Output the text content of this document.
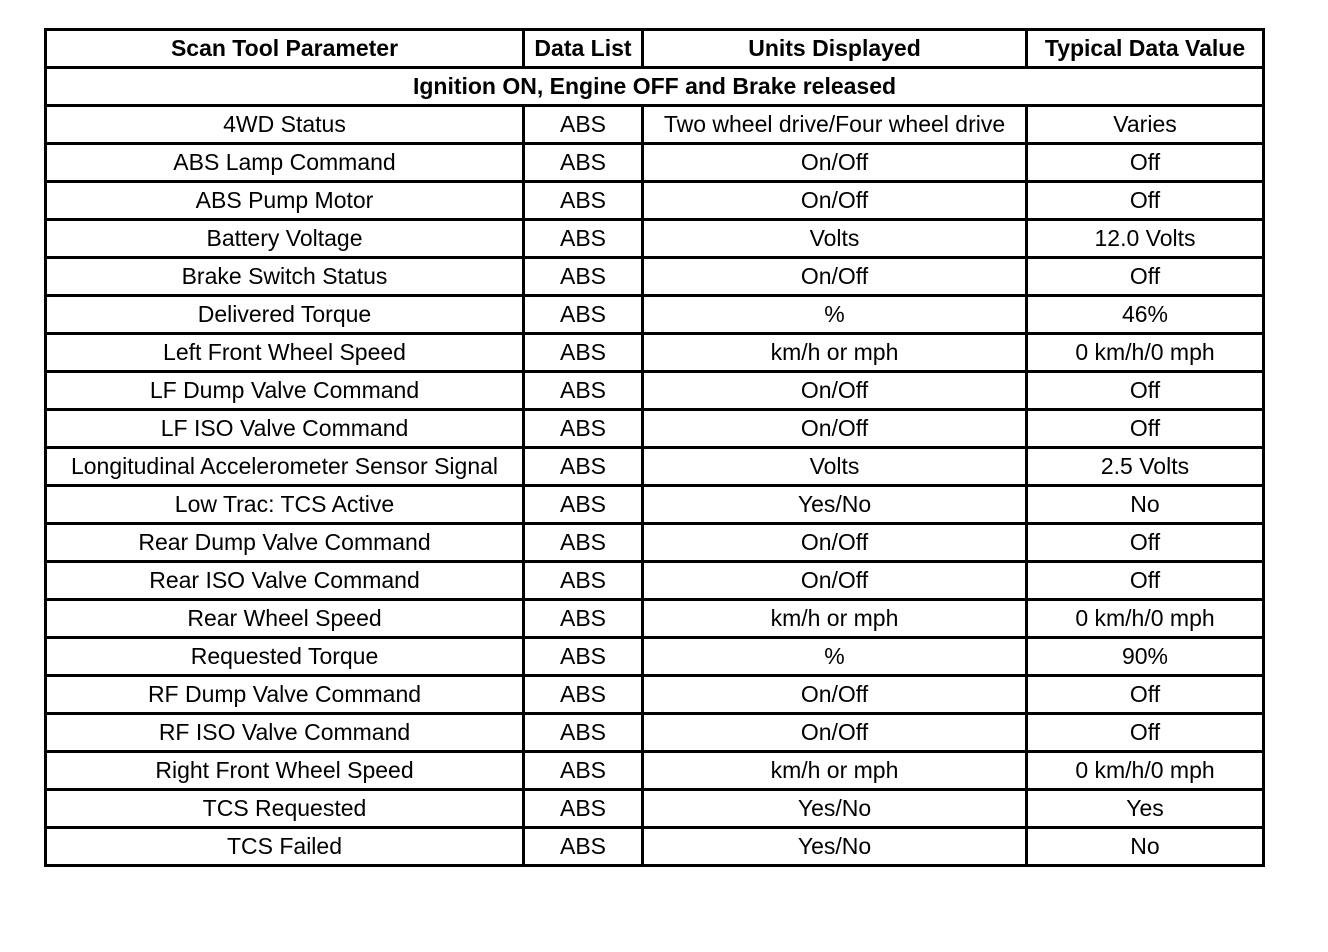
Scan Tool Parameter	Data List	Units Displayed	Typical Data Value
Ignition ON, Engine OFF and Brake released			
4WD Status	ABS	Two wheel drive/Four wheel drive	Varies
ABS Lamp Command	ABS	On/Off	Off
ABS Pump Motor	ABS	On/Off	Off
Battery Voltage	ABS	Volts	12.0 Volts
Brake Switch Status	ABS	On/Off	Off
Delivered Torque	ABS	%	46%
Left Front Wheel Speed	ABS	km/h or mph	0 km/h/0 mph
LF Dump Valve Command	ABS	On/Off	Off
LF ISO Valve Command	ABS	On/Off	Off
Longitudinal Accelerometer Sensor Signal	ABS	Volts	2.5 Volts
Low Trac: TCS Active	ABS	Yes/No	No
Rear Dump Valve Command	ABS	On/Off	Off
Rear ISO Valve Command	ABS	On/Off	Off
Rear Wheel Speed	ABS	km/h or mph	0 km/h/0 mph
Requested Torque	ABS	%	90%
RF Dump Valve Command	ABS	On/Off	Off
RF ISO Valve Command	ABS	On/Off	Off
Right Front Wheel Speed	ABS	km/h or mph	0 km/h/0 mph
TCS Requested	ABS	Yes/No	Yes
TCS Failed	ABS	Yes/No	No
